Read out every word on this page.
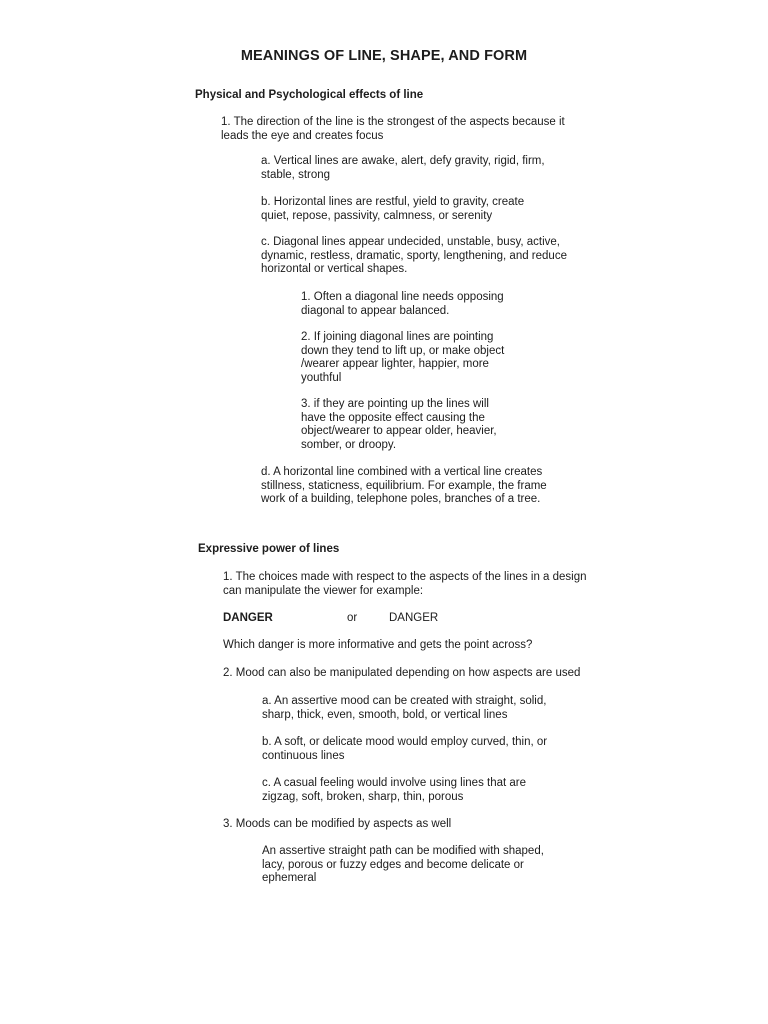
MEANINGS OF LINE, SHAPE, AND FORM

Physical and Psychological effects of line

1. The direction of the line is the strongest of the aspects because it
leads the eye and creates focus
a. Vertical lines are awake, alert, defy gravity, rigid, firm,
stable, strong
b. Horizontal lines are restful, yield to gravity, create
quiet, repose, passivity, calmness, or serenity
c. Diagonal lines appear undecided, unstable, busy, active,
dynamic, restless, dramatic, sporty, lengthening, and reduce
horizontal or vertical shapes.
1. Often a diagonal line needs opposing
diagonal to appear balanced.
2. If joining diagonal lines are pointing
down they tend to lift up, or make object
/wearer appear lighter, happier, more
youthful
3. if they are pointing up the lines will
have the opposite effect causing the
object/wearer to appear older, heavier,
somber, or droopy.
d. A horizontal line combined with a vertical line creates
stillness, staticness, equilibrium. For example, the frame
work of a building, telephone poles, branches of a tree.

Expressive power of lines

1. The choices made with respect to the aspects of the lines in a design
can manipulate the viewer for example:
DANGER	or	DANGER
Which danger is more informative and gets the point across?
2. Mood can also be manipulated depending on how aspects are used
a. An assertive mood can be created with straight, solid,
sharp, thick, even, smooth, bold, or vertical lines
b. A soft, or delicate mood would employ curved, thin, or
continuous lines
c. A casual feeling would involve using lines that are
zigzag, soft, broken, sharp, thin, porous
3. Moods can be modified by aspects as well
An assertive straight path can be modified with shaped,
lacy, porous or fuzzy edges and become delicate or
ephemeral
